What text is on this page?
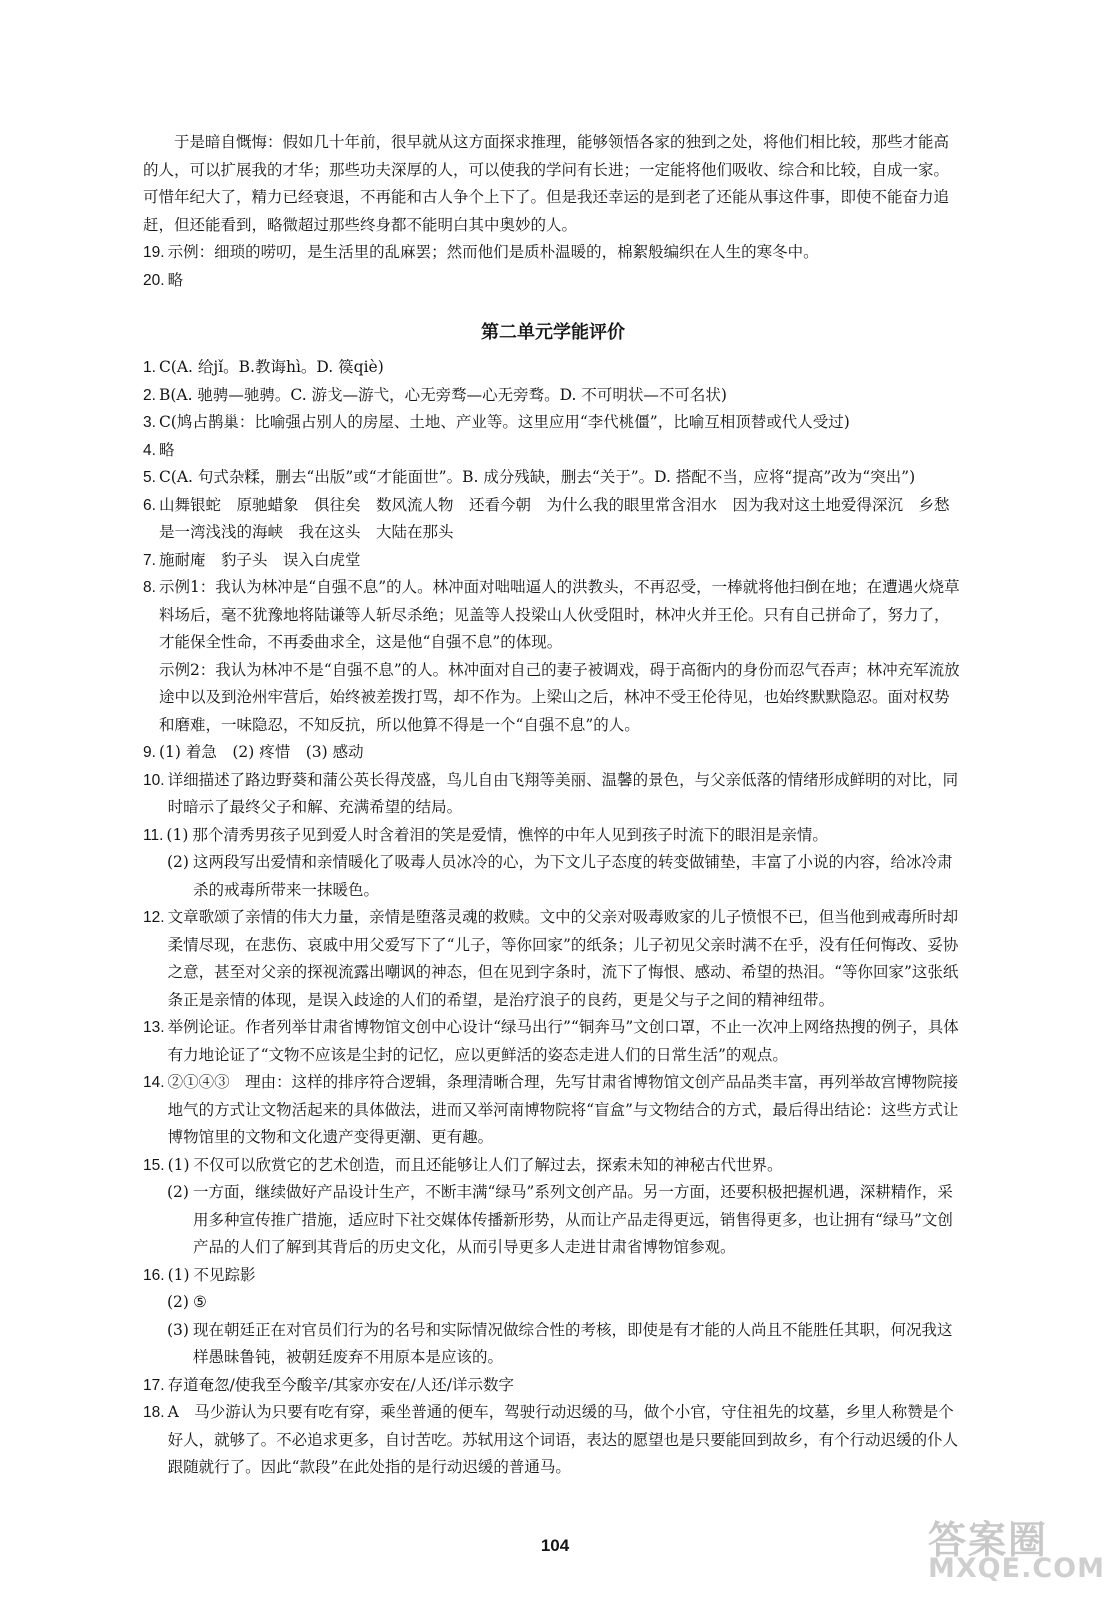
于是暗自慨悔：假如几十年前，很早就从这方面探求推理，能够领悟各家的独到之处，将他们相比较，那些才能高的人，可以扩展我的才华；那些功夫深厚的人，可以使我的学问有长进；一定能将他们吸收、综合和比较，自成一家。可惜年纪大了，精力已经衰退，不再能和古人争个上下了。但是我还幸运的是到老了还能从事这件事，即使不能奋力追赶，但还能看到，略微超过那些终身都不能明白其中奥妙的人。

19. 示例：细琐的唠叨，是生活里的乱麻罢；然而他们是质朴温暖的，棉絮般编织在人生的寒冬中。
20. 略
第二单元学能评价
1. C(A. 给jǐ。B.教诲hì。D. 篌qiè)
2. B(A. 驰骋—驰骋。C. 游戈—游弋，心无旁骛—心无旁骛。D. 不可明状—不可名状)
3. C(鸠占鹊巢：比喻强占别人的房屋、土地、产业等。这里应用“李代桃僵”，比喻互相顶替或代人受过)
4. 略
5. C(A. 句式杂糅，删去“出版”或“才能面世”。B. 成分残缺，删去“关于”。D. 搭配不当，应将“提高”改为“突出”)
6. 山舞银蛇　原驰蜡象　俱往矣　数风流人物　还看今朝　为什么我的眼里常含泪水　因为我对这土地爱得深沉　乡愁是一湾浅浅的海峡　我在这头　大陆在那头
7. 施耐庵　豹子头　误入白虎堂
8. 示例1：我认为林冲是“自强不息”的人。林冲面对咄咄逼人的洪教头，不再忍受，一棒就将他扫倒在地；在遭遇火烧草料场后，毫不犹豫地将陆谦等人斩尽杀绝；见盖等人投梁山人伙受阻时，林冲火并王伦。只有自己拼命了，努力了，才能保全性命，不再委曲求全，这是他“自强不息”的体现。
示例2：我认为林冲不是“自强不息”的人。林冲面对自己的妻子被调戏，碍于高衙内的身份而忍气吞声；林冲充军流放途中以及到沧州牢营后，始终被差拨打骂，却不作为。上梁山之后，林冲不受王伦待见，也始终默默隐忍。面对权势和磨难，一味隐忍，不知反抗，所以他算不得是一个“自强不息”的人。
9. (1) 着急　(2) 疼惜　(3) 感动
10. 详细描述了路边野葵和蒲公英长得茂盛，鸟儿自由飞翔等美丽、温馨的景色，与父亲低落的情绪形成鲜明的对比，同时暗示了最终父子和解、充满希望的结局。
11. (1) 那个清秀男孩子见到爱人时含着泪的笑是爱情，憔悴的中年人见到孩子时流下的眼泪是亲情。
(2) 这两段写出爱情和亲情暖化了吸毒人员冰冷的心，为下文儿子态度的转变做铺垫，丰富了小说的内容，给冰冷肃杀的戒毒所带来一抹暖色。
12. 文章歌颂了亲情的伟大力量，亲情是堕落灵魂的救赎。文中的父亲对吸毒败家的儿子愤恨不已，但当他到戒毒所时却柔情尽现，在悲伤、哀戚中用父爱写下了“儿子，等你回家”的纸条；儿子初见父亲时满不在乎，没有任何悔改、妥协之意，甚至对父亲的探视流露出嘲讽的神态，但在见到字条时，流下了悔恨、感动、希望的热泪。“等你回家”这张纸条正是亲情的体现，是误入歧途的人们的希望，是治疗浪子的良药，更是父与子之间的精神纽带。
13. 举例论证。作者列举甘肃省博物馆文创中心设计“绿马出行”“铜奔马”文创口罩，不止一次冲上网络热搜的例子，具体有力地论证了“文物不应该是尘封的记忆，应以更鲜活的姿态走进人们的日常生活”的观点。
14. ②①④③　理由：这样的排序符合逻辑，条理清晰合理，先写甘肃省博物馆文创产品品类丰富，再列举故宫博物院接地气的方式让文物活起来的具体做法，进而又举河南博物院将“盲盒”与文物结合的方式，最后得出结论：这些方式让博物馆里的文物和文化遗产变得更潮、更有趣。
15. (1) 不仅可以欣赏它的艺术创造，而且还能够让人们了解过去，探索未知的神秘古代世界。
(2) 一方面，继续做好产品设计生产，不断丰满“绿马”系列文创产品。另一方面，还要积极把握机遇，深耕精作，采用多种宣传推广措施，适应时下社交媒体传播新形势，从而让产品走得更远，销售得更多，也让拥有“绿马”文创产品的人们了解到其背后的历史文化，从而引导更多人走进甘肃省博物馆参观。
16. (1) 不见踪影
(2) ⑤
(3) 现在朝廷正在对官员们行为的名号和实际情况做综合性的考核，即使是有才能的人尚且不能胜任其职，何况我这样愚昧鲁钝，被朝廷废弃不用原本是应该的。
17. 存道奄忽/使我至今酸辛/其家亦安在/人还/详示数字
18. A　马少游认为只要有吃有穿，乘坐普通的便车，驾驶行动迟缓的马，做个小官，守住祖先的坟墓，乡里人称赞是个好人，就够了。不必追求更多，自讨苦吃。苏轼用这个词语，表达的愿望也是只要能回到故乡，有个行动迟缓的仆人跟随就行了。因此“款段”在此处指的是行动迟缓的普通马。
104	答案圈
MXQE.COM
